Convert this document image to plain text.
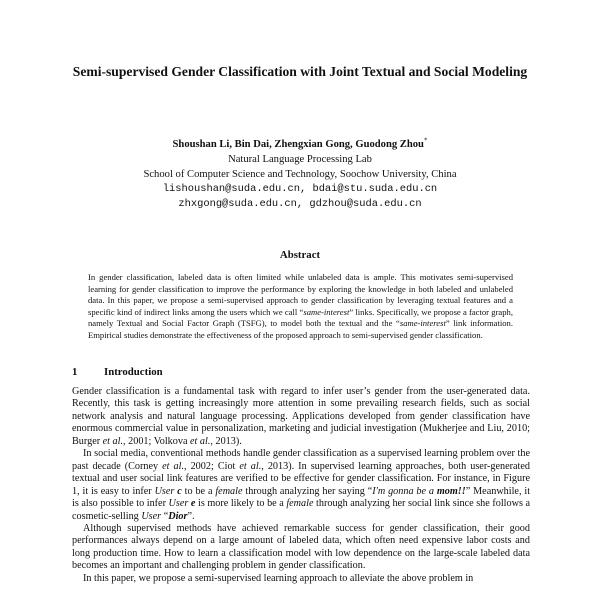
Semi-supervised Gender Classification with Joint Textual and Social Modeling
Shoushan Li, Bin Dai, Zhengxian Gong, Guodong Zhou*
Natural Language Processing Lab
School of Computer Science and Technology, Soochow University, China
lishoushan@suda.edu.cn, bdai@stu.suda.edu.cn
zhxgong@suda.edu.cn, gdzhou@suda.edu.cn
Abstract
In gender classification, labeled data is often limited while unlabeled data is ample. This motivates semi-supervised learning for gender classification to improve the performance by exploring the knowledge in both labeled and unlabeled data. In this paper, we propose a semi-supervised approach to gender classification by leveraging textual features and a specific kind of indirect links among the users which we call “same-interest” links. Specifically, we propose a factor graph, namely Textual and Social Factor Graph (TSFG), to model both the textual and the “same-interest” link information. Empirical studies demonstrate the effectiveness of the proposed approach to semi-supervised gender classification.
1 Introduction

Gender classification is a fundamental task with regard to infer user’s gender from the user-generated data. Recently, this task is getting increasingly more attention in some prevailing research fields, such as social network analysis and natural language processing. Applications developed from gender classification have enormous commercial value in personalization, marketing and judicial investigation (Mukherjee and Liu, 2010; Burger et al., 2001; Volkova et al., 2013).

In social media, conventional methods handle gender classification as a supervised learning problem over the past decade (Corney et al., 2002; Ciot et al., 2013). In supervised learning approaches, both user-generated textual and user social link features are verified to be effective for gender classification. For instance, in Figure 1, it is easy to infer User c to be a female through analyzing her saying “I'm gonna be a mom!!” Meanwhile, it is also possible to infer User e is more likely to be a female through analyzing her social link since she follows a cosmetic-selling User “Dior”.

Although supervised methods have achieved remarkable success for gender classification, their good performances always depend on a large amount of labeled data, which often need expensive labor costs and long production time. How to learn a classification model with low dependence on the large-scale labeled data becomes an important and challenging problem in gender classification.

In this paper, we propose a semi-supervised learning approach to alleviate the above problem in
